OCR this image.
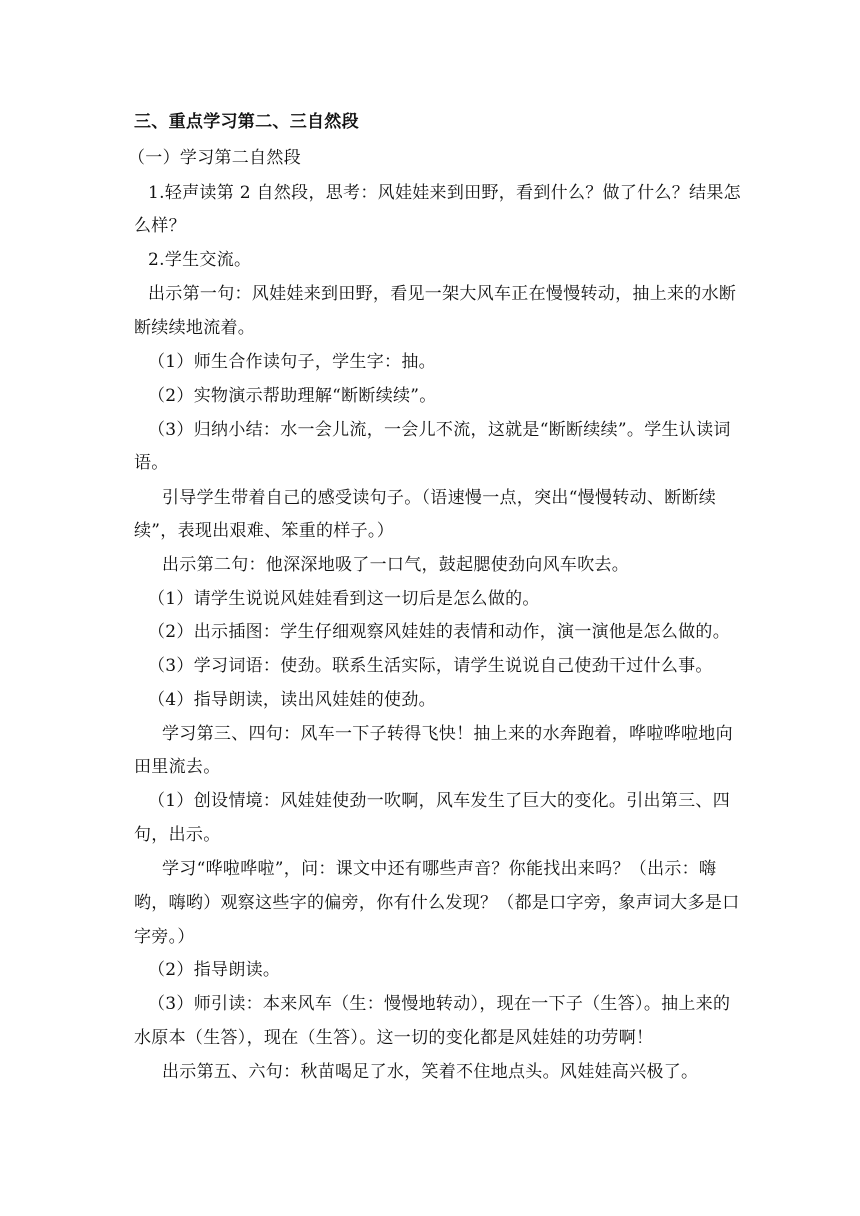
三、重点学习第二、三自然段
（一）学习第二自然段
1.轻声读第 2 自然段，思考：风娃娃来到田野，看到什么？做了什么？结果怎
么样？
2.学生交流。
出示第一句：风娃娃来到田野，看见一架大风车正在慢慢转动，抽上来的水断
断续续地流着。
（1）师生合作读句子，学生字：抽。
（2）实物演示帮助理解“断断续续”。
（3）归纳小结：水一会儿流，一会儿不流，这就是“断断续续”。学生认读词
语。
引导学生带着自己的感受读句子。（语速慢一点，突出“慢慢转动、断断续
续”，表现出艰难、笨重的样子。）
出示第二句：他深深地吸了一口气，鼓起腮使劲向风车吹去。
（1）请学生说说风娃娃看到这一切后是怎么做的。
（2）出示插图：学生仔细观察风娃娃的表情和动作，演一演他是怎么做的。
（3）学习词语：使劲。联系生活实际，请学生说说自己使劲干过什么事。
（4）指导朗读，读出风娃娃的使劲。
学习第三、四句：风车一下子转得飞快！抽上来的水奔跑着，哗啦哗啦地向
田里流去。
（1）创设情境：风娃娃使劲一吹啊，风车发生了巨大的变化。引出第三、四
句，出示。
学习“哗啦哗啦”，问：课文中还有哪些声音？你能找出来吗？（出示：嗨
哟，嗨哟）观察这些字的偏旁，你有什么发现？（都是口字旁，象声词大多是口
字旁。）
（2）指导朗读。
（3）师引读：本来风车（生：慢慢地转动），现在一下子（生答）。抽上来的
水原本（生答），现在（生答）。这一切的变化都是风娃娃的功劳啊！
出示第五、六句：秋苗喝足了水，笑着不住地点头。风娃娃高兴极了。
